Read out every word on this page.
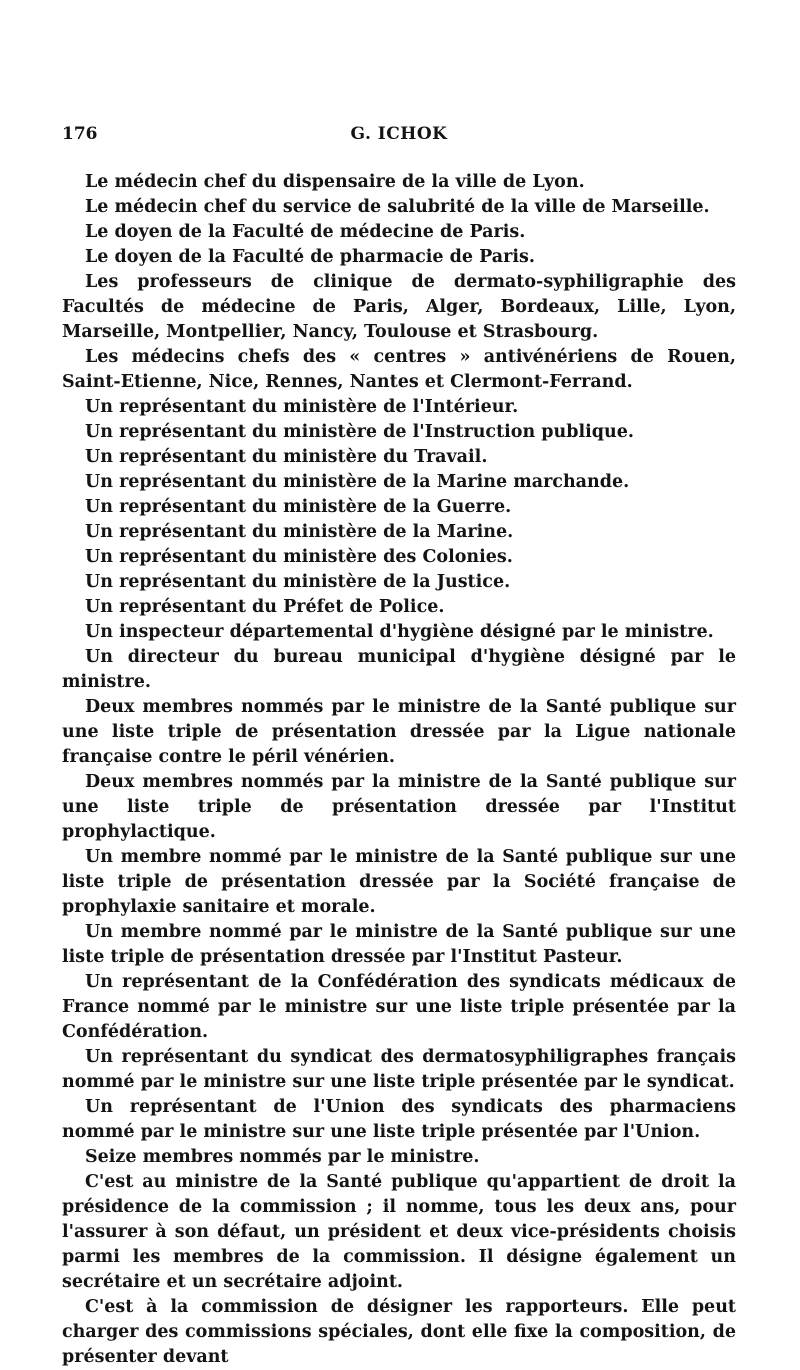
176	G. ICHOK

Le médecin chef du dispensaire de la ville de Lyon.

Le médecin chef du service de salubrité de la ville de Marseille.

Le doyen de la Faculté de médecine de Paris.

Le doyen de la Faculté de pharmacie de Paris.

Les professeurs de clinique de dermato-syphiligraphie des Facultés de médecine de Paris, Alger, Bordeaux, Lille, Lyon, Marseille, Montpellier, Nancy, Toulouse et Strasbourg.

Les médecins chefs des « centres » antivénériens de Rouen, Saint-Etienne, Nice, Rennes, Nantes et Clermont-Ferrand.

Un représentant du ministère de l'Intérieur.

Un représentant du ministère de l'Instruction publique.

Un représentant du ministère du Travail.

Un représentant du ministère de la Marine marchande.

Un représentant du ministère de la Guerre.

Un représentant du ministère de la Marine.

Un représentant du ministère des Colonies.

Un représentant du ministère de la Justice.

Un représentant du Préfet de Police.

Un inspecteur départemental d'hygiène désigné par le ministre.

Un directeur du bureau municipal d'hygiène désigné par le ministre.

Deux membres nommés par le ministre de la Santé publique sur une liste triple de présentation dressée par la Ligue nationale française contre le péril vénérien.

Deux membres nommés par la ministre de la Santé publique sur une liste triple de présentation dressée par l'Institut prophylactique.

Un membre nommé par le ministre de la Santé publique sur une liste triple de présentation dressée par la Société française de prophylaxie sanitaire et morale.

Un membre nommé par le ministre de la Santé publique sur une liste triple de présentation dressée par l'Institut Pasteur.

Un représentant de la Confédération des syndicats médicaux de France nommé par le ministre sur une liste triple présentée par la Confédération.

Un représentant du syndicat des dermatosyphiligraphes français nommé par le ministre sur une liste triple présentée par le syndicat.

Un représentant de l'Union des syndicats des pharmaciens nommé par le ministre sur une liste triple présentée par l'Union.

Seize membres nommés par le ministre.

C'est au ministre de la Santé publique qu'appartient de droit la présidence de la commission ; il nomme, tous les deux ans, pour l'assurer à son défaut, un président et deux vice-présidents choisis parmi les membres de la commission. Il désigne également un secrétaire et un secrétaire adjoint.

C'est à la commission de désigner les rapporteurs. Elle peut charger des commissions spéciales, dont elle fixe la composition, de présenter devant
